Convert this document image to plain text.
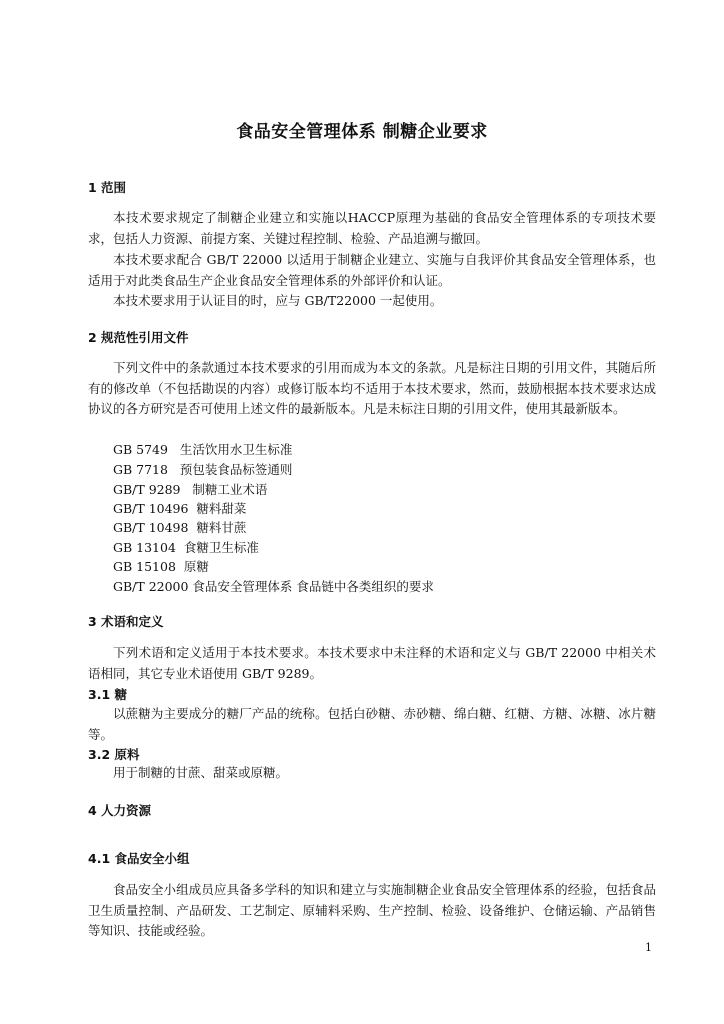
食品安全管理体系 制糖企业要求
1 范围

本技术要求规定了制糖企业建立和实施以HACCP原理为基础的食品安全管理体系的专项技术要求，包括人力资源、前提方案、关键过程控制、检验、产品追溯与撤回。

本技术要求配合 GB/T 22000 以适用于制糖企业建立、实施与自我评价其食品安全管理体系，也适用于对此类食品生产企业食品安全管理体系的外部评价和认证。

本技术要求用于认证目的时，应与 GB/T22000 一起使用。

2 规范性引用文件

下列文件中的条款通过本技术要求的引用而成为本文的条款。凡是标注日期的引用文件，其随后所有的修改单（不包括勘误的内容）或修订版本均不适用于本技术要求，然而，鼓励根据本技术要求达成协议的各方研究是否可使用上述文件的最新版本。凡是未标注日期的引用文件，使用其最新版本。

GB 5749   生活饮用水卫生标准
GB 7718   预包装食品标签通则
GB/T 9289   制糖工业术语
GB/T 10496  糖料甜菜
GB/T 10498  糖料甘蔗
GB 13104  食糖卫生标准
GB 15108  原糖
GB/T 22000 食品安全管理体系 食品链中各类组织的要求
3 术语和定义

下列术语和定义适用于本技术要求。本技术要求中未注释的术语和定义与 GB/T 22000 中相关术语相同，其它专业术语使用 GB/T 9289。

3.1 糖

以蔗糖为主要成分的糖厂产品的统称。包括白砂糖、赤砂糖、绵白糖、红糖、方糖、冰糖、冰片糖等。

3.2 原料

用于制糖的甘蔗、甜菜或原糖。

4 人力资源
4.1 食品安全小组

食品安全小组成员应具备多学科的知识和建立与实施制糖企业食品安全管理体系的经验，包括食品卫生质量控制、产品研发、工艺制定、原辅料采购、生产控制、检验、设备维护、仓储运输、产品销售等知识、技能或经验。

1
